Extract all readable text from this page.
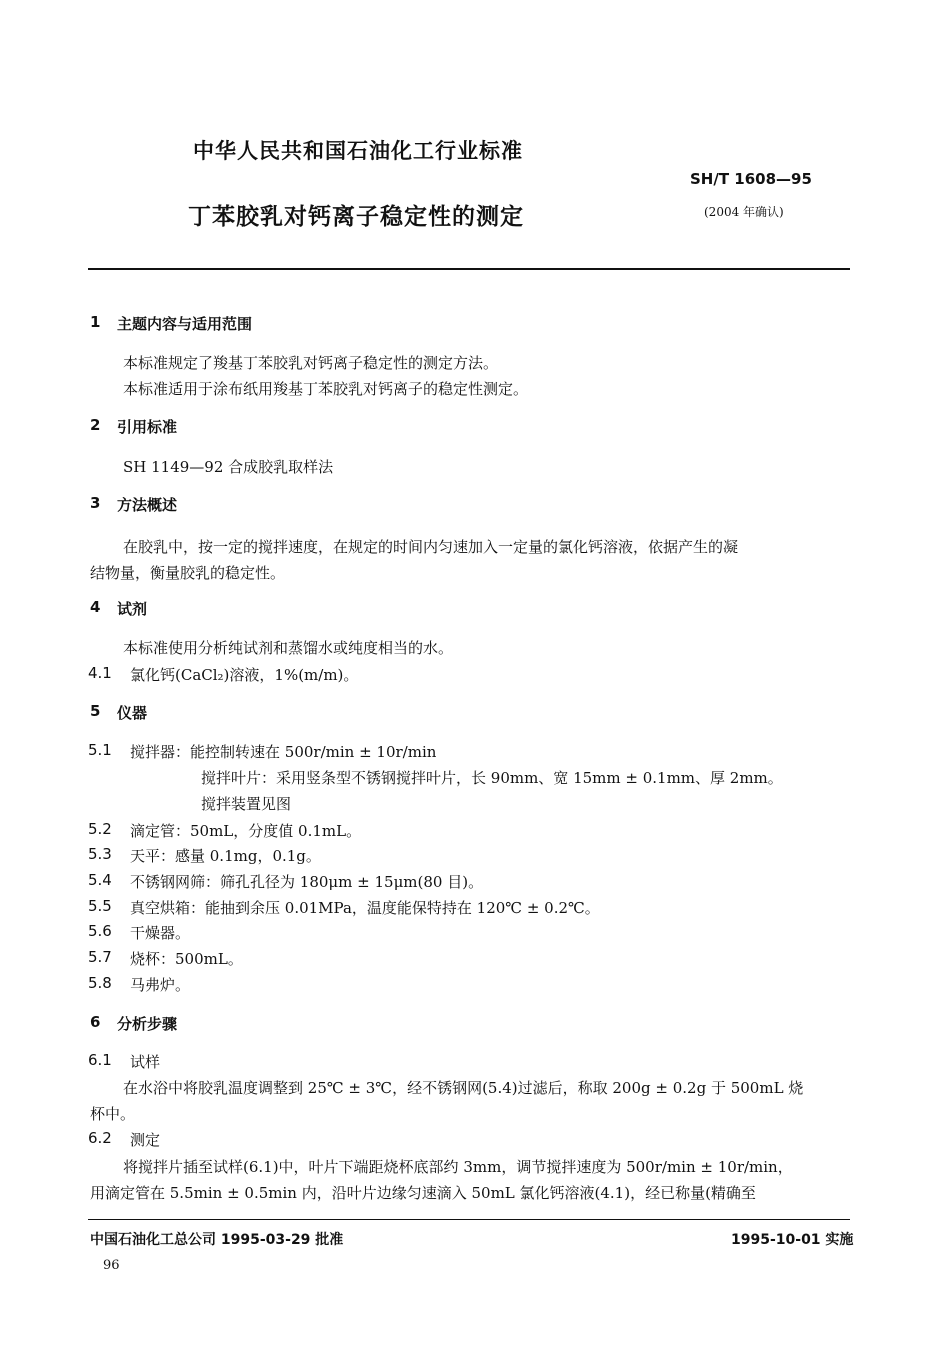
中华人民共和国石油化工行业标准
SH/T 1608—95
丁苯胶乳对钙离子稳定性的测定	(2004 年确认)
1 主题内容与适用范围
本标准规定了羧基丁苯胶乳对钙离子稳定性的测定方法。
本标准适用于涂布纸用羧基丁苯胶乳对钙离子的稳定性测定。
2 引用标准
SH 1149—92 合成胶乳取样法
3 方法概述
在胶乳中，按一定的搅拌速度，在规定的时间内匀速加入一定量的氯化钙溶液，依据产生的凝
结物量，衡量胶乳的稳定性。
4 试剂
本标准使用分析纯试剂和蒸馏水或纯度相当的水。
4.1 氯化钙(CaCl₂)溶液，1%(m/m)。
5 仪器
5.1 搅拌器：能控制转速在 500r/min ± 10r/min
搅拌叶片：采用竖条型不锈钢搅拌叶片，长 90mm、宽 15mm ± 0.1mm、厚 2mm。
搅拌装置见图
5.2 滴定管：50mL，分度值 0.1mL。
5.3 天平：感量 0.1mg，0.1g。
5.4 不锈钢网筛：筛孔孔径为 180μm ± 15μm(80 目)。
5.5 真空烘箱：能抽到余压 0.01MPa，温度能保特持在 120℃ ± 0.2℃。
5.6 干燥器。
5.7 烧杯：500mL。
5.8 马弗炉。
6 分析步骤
6.1 试样
在水浴中将胶乳温度调整到 25℃ ± 3℃，经不锈钢网(5.4)过滤后，称取 200g ± 0.2g 于 500mL 烧
杯中。
6.2 测定
将搅拌片插至试样(6.1)中，叶片下端距烧杯底部约 3mm，调节搅拌速度为 500r/min ± 10r/min，
用滴定管在 5.5min ± 0.5min 内，沿叶片边缘匀速滴入 50mL 氯化钙溶液(4.1)，经已称量(精确至
中国石油化工总公司 1995-03-29 批准	1995-10-01 实施
96
